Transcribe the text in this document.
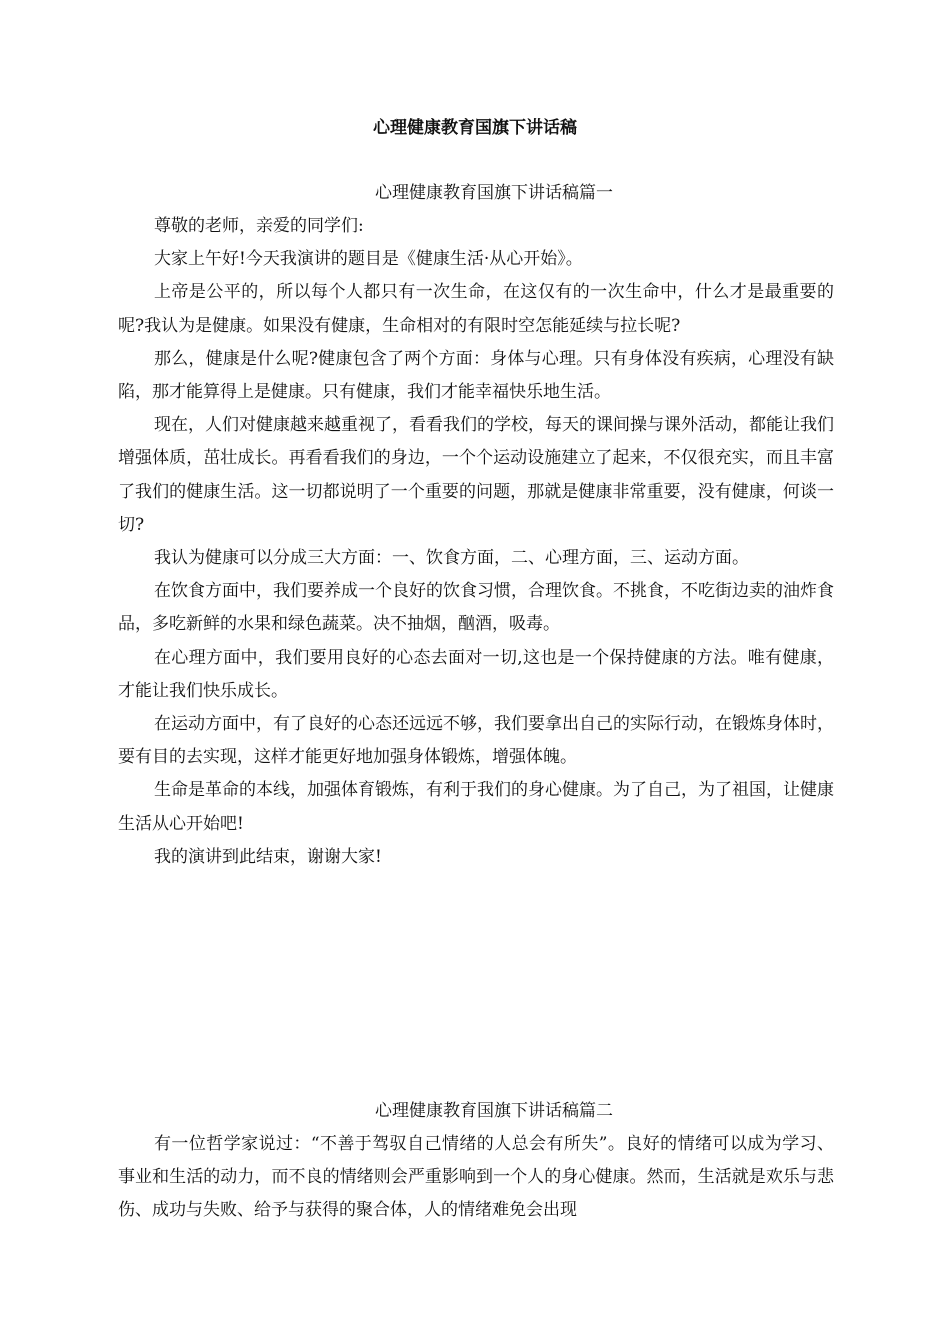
心理健康教育国旗下讲话稿

心理健康教育国旗下讲话稿篇一

尊敬的老师，亲爱的同学们:

大家上午好!今天我演讲的题目是《健康生活·从心开始》。

上帝是公平的，所以每个人都只有一次生命，在这仅有的一次生命中，什么才是最重要的呢?我认为是健康。如果没有健康，生命相对的有限时空怎能延续与拉长呢?

那么，健康是什么呢?健康包含了两个方面：身体与心理。只有身体没有疾病，心理没有缺陷，那才能算得上是健康。只有健康，我们才能幸福快乐地生活。

现在，人们对健康越来越重视了，看看我们的学校，每天的课间操与课外活动，都能让我们增强体质，茁壮成长。再看看我们的身边，一个个运动设施建立了起来，不仅很充实，而且丰富了我们的健康生活。这一切都说明了一个重要的问题，那就是健康非常重要，没有健康，何谈一切?

我认为健康可以分成三大方面：一、饮食方面，二、心理方面，三、运动方面。

在饮食方面中，我们要养成一个良好的饮食习惯，合理饮食。不挑食，不吃街边卖的油炸食品，多吃新鲜的水果和绿色蔬菜。决不抽烟，酗酒，吸毒。

在心理方面中，我们要用良好的心态去面对一切,这也是一个保持健康的方法。唯有健康，才能让我们快乐成长。

在运动方面中，有了良好的心态还远远不够，我们要拿出自己的实际行动，在锻炼身体时，要有目的去实现，这样才能更好地加强身体锻炼，增强体魄。

生命是革命的本线，加强体育锻炼，有利于我们的身心健康。为了自己，为了祖国，让健康生活从心开始吧!

我的演讲到此结束，谢谢大家!

心理健康教育国旗下讲话稿篇二

有一位哲学家说过：“不善于驾驭自己情绪的人总会有所失”。良好的情绪可以成为学习、事业和生活的动力，而不良的情绪则会严重影响到一个人的身心健康。然而，生活就是欢乐与悲伤、成功与失败、给予与获得的聚合体，人的情绪难免会出现
